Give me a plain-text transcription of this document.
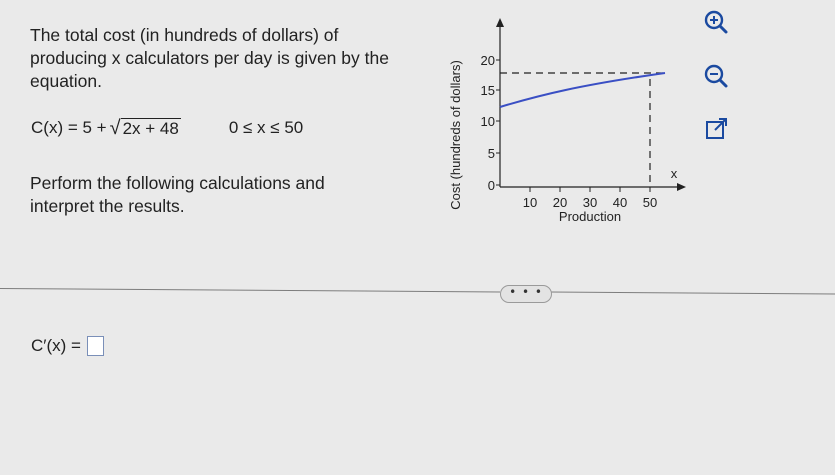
The total cost (in hundreds of dollars) of

producing x calculators per day is given by the

equation.

C(x) = 5 + √ 2x + 48	0 ≤ x ≤ 50

Perform the following calculations and

interpret the results.	Cost (hundreds of dollars) 20
15
10
5
0
10 20 30 40 50
Production
x
• • •
C′(x) =
